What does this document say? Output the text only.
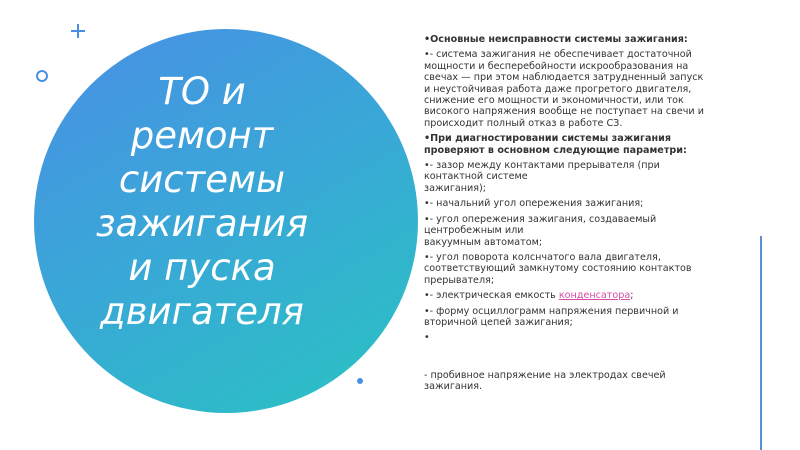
ТО и
ремонт
системы
зажигания
и пуска
двигателя

•Основные неисправности системы зажигания:

•- система зажигания не обеспечивает достаточной
мощности и бесперебойности искрообразования на
свечах — при этом наблюдается затрудненный запуск
и неустойчивая работа даже прогретого двигателя,
снижение его мощности и экономичности, или ток
високого напряжения вообще не поступает на свечи и
происходит полный отказ в работе СЗ.

•При диагностировании системы зажигания
проверяют в основном следующие параметри:

•- зазор между контактами прерывателя (при
контактной системе
зажигания);

•- начальний угол опережения зажигания;

•- угол опережения зажигания, создаваемый
центробежным или
вакуумным автоматом;

•- угол поворота колснчатого вала двигателя,
соответствующий замкнутому состоянию контактов
прерывателя;

•- электрическая емкость конденсатора;

•- форму осциллограмм напряжения первичной и
вторичной цепей зажигания;

•

- пробивное напряжение на электродах свечей
зажигания.
